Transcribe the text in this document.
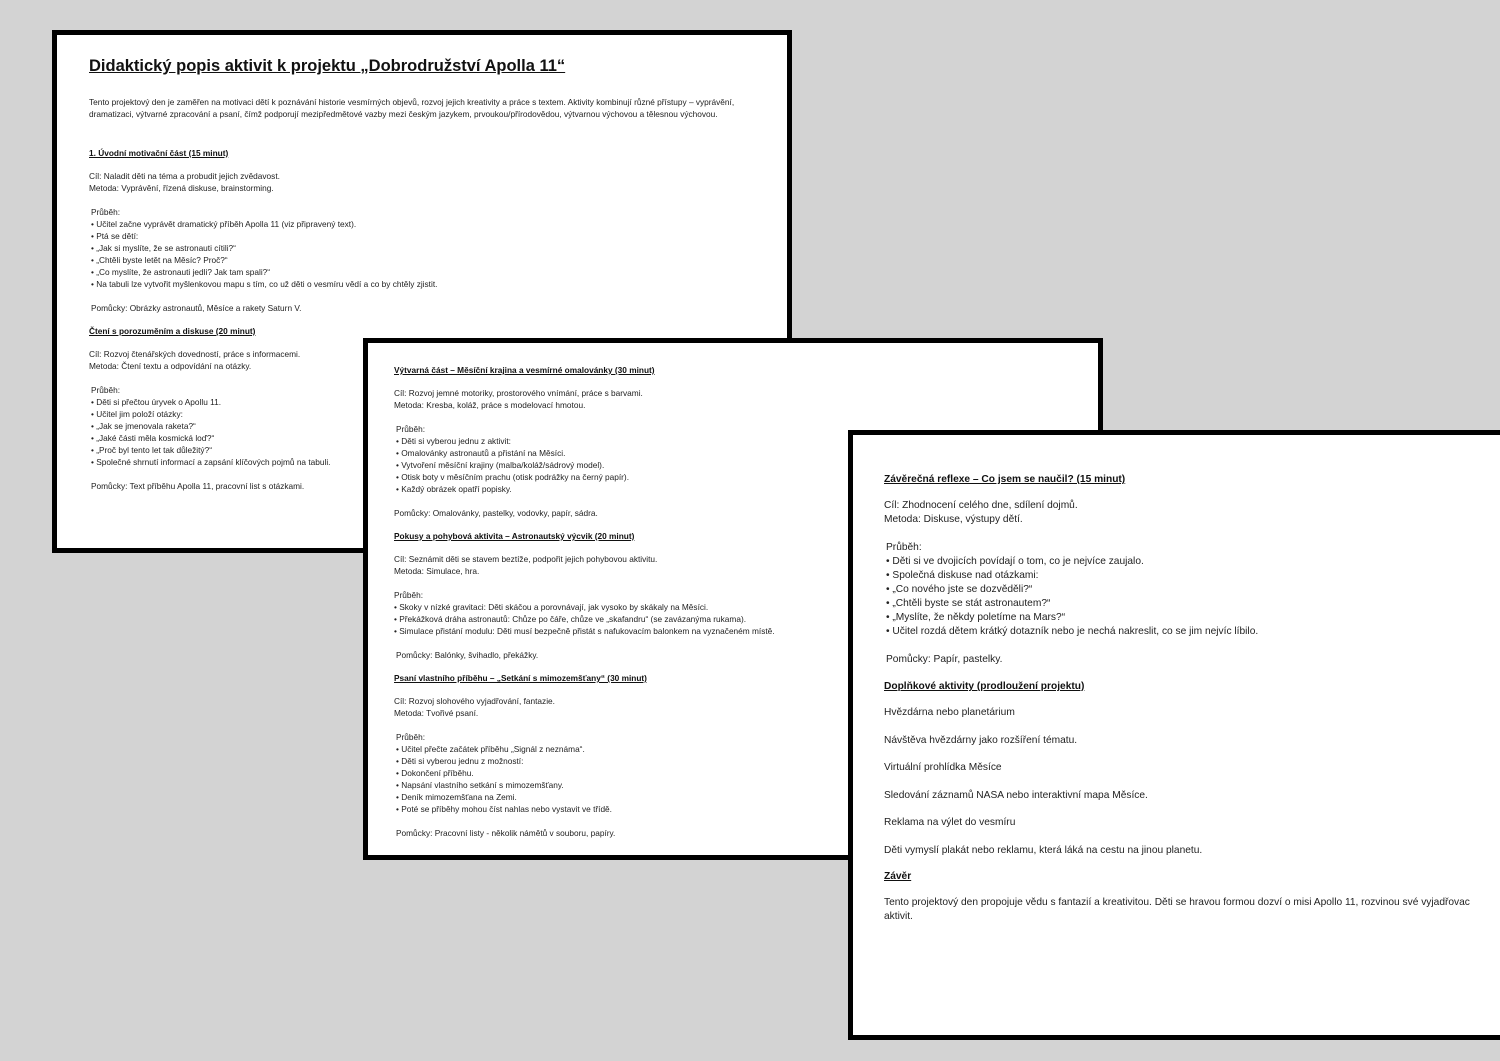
Didaktický popis aktivit k projektu „Dobrodružství Apolla 11“
Tento projektový den je zaměřen na motivaci dětí k poznávání historie vesmírných objevů, rozvoj jejich kreativity a práce s textem. Aktivity kombinují různé přístupy – vyprávění, dramatizaci, výtvarné zpracování a psaní, čímž podporují mezipředmětové vazby mezi českým jazykem, prvoukou/přírodovědou, výtvarnou výchovou a tělesnou výchovou.
1. Úvodní motivační část (15 minut)
Cíl: Naladit děti na téma a probudit jejich zvědavost.
Metoda: Vyprávění, řízená diskuse, brainstorming.
Průběh:
• Učitel začne vyprávět dramatický příběh Apolla 11 (viz připravený text).
• Ptá se dětí:
• „Jak si myslíte, že se astronauti cítili?“
• „Chtěli byste letět na Měsíc? Proč?“
• „Co myslíte, že astronauti jedli? Jak tam spali?“
• Na tabuli lze vytvořit myšlenkovou mapu s tím, co už děti o vesmíru vědí a co by chtěly zjistit.
Pomůcky: Obrázky astronautů, Měsíce a rakety Saturn V.
Čtení s porozuměním a diskuse (20 minut)
Cíl: Rozvoj čtenářských dovedností, práce s informacemi.
Metoda: Čtení textu a odpovídání na otázky.
Průběh:
• Děti si přečtou úryvek o Apollu 11.
• Učitel jim položí otázky:
• „Jak se jmenovala raketa?“
• „Jaké části měla kosmická loď?“
• „Proč byl tento let tak důležitý?“
• Společné shrnutí informací a zapsání klíčových pojmů na tabuli.
Pomůcky: Text příběhu Apolla 11, pracovní list s otázkami.
Výtvarná část – Měsíční krajina a vesmírné omalovánky (30 minut)
Cíl: Rozvoj jemné motoriky, prostorového vnímání, práce s barvami.
Metoda: Kresba, koláž, práce s modelovací hmotou.
Průběh:
• Děti si vyberou jednu z aktivit:
• Omalovánky astronautů a přistání na Měsíci.
• Vytvoření měsíční krajiny (malba/koláž/sádrový model).
• Otisk boty v měsíčním prachu (otisk podrážky na černý papír).
• Každý obrázek opatří popisky.
Pomůcky: Omalovánky, pastelky, vodovky, papír, sádra.
Pokusy a pohybová aktivita – Astronautský výcvik (20 minut)
Cíl: Seznámit děti se stavem beztíže, podpořit jejich pohybovou aktivitu.
Metoda: Simulace, hra.
Průběh:
• Skoky v nízké gravitaci: Děti skáčou a porovnávají, jak vysoko by skákaly na Měsíci.
• Překážková dráha astronautů: Chůze po čáře, chůze ve „skafandru“ (se zavázanýma rukama).
• Simulace přistání modulu: Děti musí bezpečně přistát s nafukovacím balonkem na vyznačeném místě.
Pomůcky: Balónky, švihadlo, překážky.
Psaní vlastního příběhu – „Setkání s mimozemšťany“ (30 minut)
Cíl: Rozvoj slohového vyjadřování, fantazie.
Metoda: Tvořivé psaní.
Průběh:
• Učitel přečte začátek příběhu „Signál z neznáma“.
• Děti si vyberou jednu z možností:
• Dokončení příběhu.
• Napsání vlastního setkání s mimozemšťany.
• Deník mimozemšťana na Zemi.
• Poté se příběhy mohou číst nahlas nebo vystavit ve třídě.
Pomůcky: Pracovní listy - několik námětů v souboru, papíry.
Závěrečná reflexe – Co jsem se naučil? (15 minut)
Cíl: Zhodnocení celého dne, sdílení dojmů.
Metoda: Diskuse, výstupy dětí.
Průběh:
• Děti si ve dvojicích povídají o tom, co je nejvíce zaujalo.
• Společná diskuse nad otázkami:
• „Co nového jste se dozvěděli?“
• „Chtěli byste se stát astronautem?“
• „Myslíte, že někdy poletíme na Mars?“
• Učitel rozdá dětem krátký dotazník nebo je nechá nakreslit, co se jim nejvíc líbilo.
Pomůcky: Papír, pastelky.
Doplňkové aktivity (prodloužení projektu)
Hvězdárna nebo planetárium
Návštěva hvězdárny jako rozšíření tématu.
Virtuální prohlídka Měsíce
Sledování záznamů NASA nebo interaktivní mapa Měsíce.
Reklama na výlet do vesmíru
Děti vymyslí plakát nebo reklamu, která láká na cestu na jinou planetu.
Závěr
Tento projektový den propojuje vědu s fantazií a kreativitou. Děti se hravou formou dozví o misi Apollo 11, rozvinou své vyjadřovac
aktivit.
